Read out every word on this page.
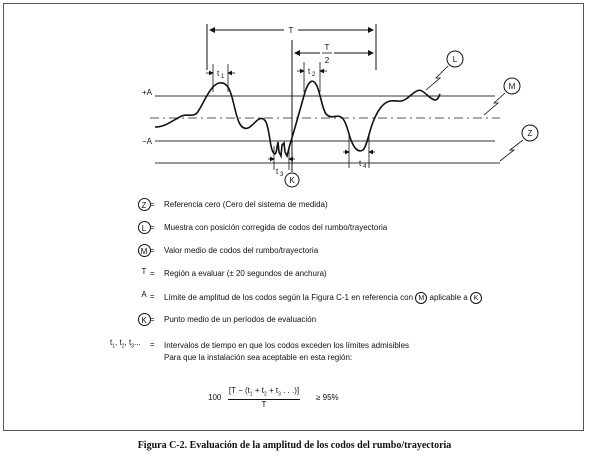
+A
−A
T
T
2
t 1
t 2
t 3
t 4
K
L
M
Z
Z = Referencia cero (Cero del sistema de medida)
L = Muestra con posición corregida de codos del rumbo/trayectoria
M = Valor medio de codos del rumbo/trayectoria
T = Región a evaluar (± 20 segundos de anchura)
A = Límite de amplitud de los codos según la Figura C-1 en referencia con M aplicable a K
K = Punto medio de un períodos de evaluación
$t_1$, $t_2$, $t_3$...	= Intervalos de tiempo en que los codos exceden los límites admisibles
Para que la instalación sea aceptable en esta región:
100
[$T - (t_1 + t_2 + t_3$ . . .)]
T
≥ 95%
Figura C-2. Evaluación de la amplitud de los codos del rumbo/trayectoria
